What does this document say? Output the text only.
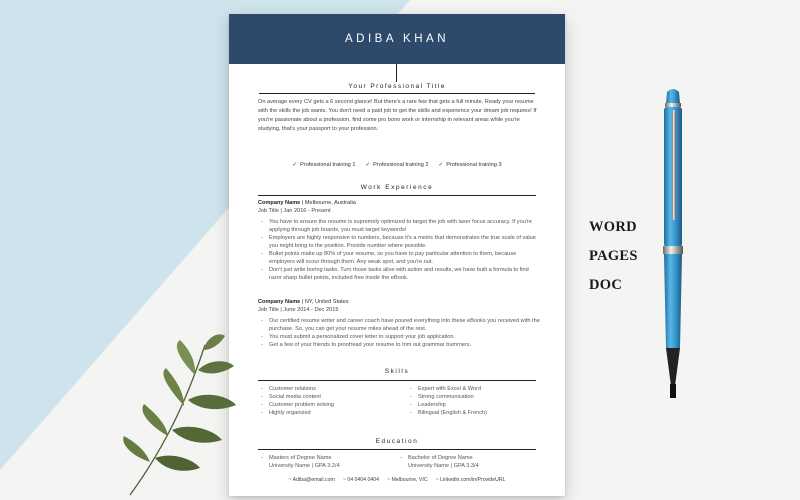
ADIBA KHAN
Your Professional Title
On average every CV gets a 6 second glance! But there's a rare few that gets a full minute. Ready your resume with the skills the job wants. You don't need a paid job to get the skills and experience your dream job requires! If you're passionate about a profession, find some pro bono work or internship in relevant areas while you're studying, that's your passport to your profession.
✓ Professional training 1 ✓ Professional training 2 ✓ Professional training 3
Work Experience
Company Name | Melbourne, Australia
Job Title | Jan 2016 - Present
- You have to ensure the resume is supremely optimized to target the job with laser focus accuracy. If you're applying through job boards, you must target keywords!
- Employers are highly responsive to numbers, because it's a metric that demonstrates the true scale of value you might bring to the position. Provide number where possible.
- Bullet points make up 80% of your resume, so you have to pay particular attention to them, because employers will scour through them. Any weak spot, and you're out.
- Don't just write boring tasks. Turn those tasks alive with action and results, we have built a formula to find razor sharp bullet points, included free inside the eBook.
Company Name | NY, United States
Job Title | June 2014 - Dec 2015
- Our certified resume writer and career coach have poured everything into these eBooks you received with the purchase. So, you can get your resume miles ahead of the rest.
- You must submit a personalized cover letter to support your job application.
- Get a few of your friends to proofread your resume to trim out grammar bummers.
Skills
- Customer relations
- Social media content
- Customer problem solving
- Highly organized
- Expert with Excel & Word
- Strong communication
- Leadership
- Bilingual (English & French)
Education
- Masters of Degree Name
University Name | GPA 3.2/4
- Bachelor of Degree Name
University Name | GPA 3.3/4
~ Adiba@email.com ~ 04 0404 0404 ~ Melbourne, VIC ~ Linkedin.com/in/ProvideURL
WORD
PAGES
DOC
